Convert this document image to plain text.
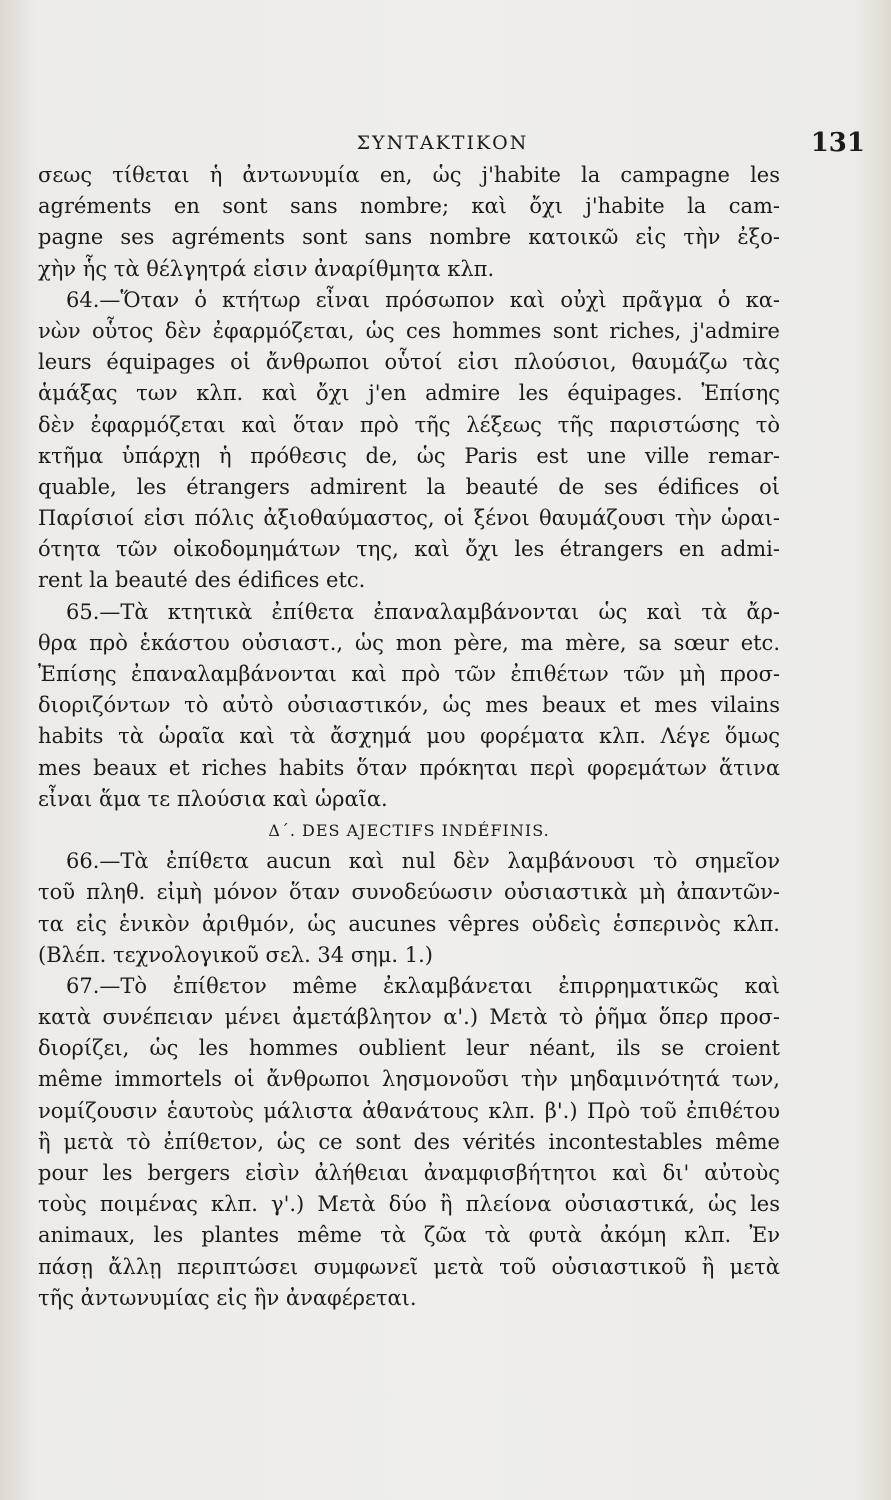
ΣΥΝΤΑΚΤΙΚΟΝ	131
σεως τίθεται ἡ ἀντωνυμία en, ὡς j'habite la campagne les
agréments en sont sans nombre; καὶ ὄχι j'habite la cam-
pagne ses agréments sont sans nombre κατοικῶ εἰς τὴν ἐξο-
χὴν ἧς τὰ θέλγητρά εἰσιν ἀναρίθμητα κλπ.
64.—Ὅταν ὁ κτήτωρ εἶναι πρόσωπον καὶ οὐχὶ πρᾶγμα ὁ κα-
νὼν οὗτος δὲν ἐφαρμόζεται, ὡς ces hommes sont riches, j'admire
leurs équipages οἱ ἄνθρωποι οὗτοί εἰσι πλούσιοι, θαυμάζω τὰς
ἁμάξας των κλπ. καὶ ὄχι j'en admire les équipages. Ἐπίσης
δὲν ἐφαρμόζεται καὶ ὅταν πρὸ τῆς λέξεως τῆς παριστώσης τὸ
κτῆμα ὑπάρχῃ ἡ πρόθεσις de, ὡς Paris est une ville remar-
quable, les étrangers admirent la beauté de ses édifices οἱ
Παρίσιοί εἰσι πόλις ἀξιοθαύμαστος, οἱ ξένοι θαυμάζουσι τὴν ὡραι-
ότητα τῶν οἰκοδομημάτων της, καὶ ὄχι les étrangers en admi-
rent la beauté des édifices etc.
65.—Τὰ κτητικὰ ἐπίθετα ἐπαναλαμβάνονται ὡς καὶ τὰ ἄρ-
θρα πρὸ ἑκάστου οὐσιαστ., ὡς mon père, ma mère, sa sœur etc.
Ἐπίσης ἐπαναλαμβάνονται καὶ πρὸ τῶν ἐπιθέτων τῶν μὴ προσ-
διοριζόντων τὸ αὐτὸ οὐσιαστικόν, ὡς mes beaux et mes vilains
habits τὰ ὡραῖα καὶ τὰ ἄσχημά μου φορέματα κλπ. Λέγε ὅμως
mes beaux et riches habits ὅταν πρόκηται περὶ φορεμάτων ἅτινα
εἶναι ἅμα τε πλούσια καὶ ὡραῖα.
Δ΄. DES AJECTIFS INDÉFINIS.
66.—Τὰ ἐπίθετα aucun καὶ nul δὲν λαμβάνουσι τὸ σημεῖον
τοῦ πληθ. εἰμὴ μόνον ὅταν συνοδεύωσιν οὐσιαστικὰ μὴ ἀπαντῶν-
τα εἰς ἑνικὸν ἀριθμόν, ὡς aucunes vêpres οὐδεὶς ἑσπερινὸς κλπ.
(Βλέπ. τεχνολογικοῦ σελ. 34 σημ. 1.)
67.—Τὸ ἐπίθετον même ἐκλαμβάνεται ἐπιρρηματικῶς καὶ
κατὰ συνέπειαν μένει ἀμετάβλητον α'.) Μετὰ τὸ ῥῆμα ὅπερ προσ-
διορίζει, ὡς les hommes oublient leur néant, ils se croient
même immortels οἱ ἄνθρωποι λησμονοῦσι τὴν μηδαμινότητά των,
νομίζουσιν ἑαυτοὺς μάλιστα ἀθανάτους κλπ. β'.) Πρὸ τοῦ ἐπιθέτου
ἢ μετὰ τὸ ἐπίθετον, ὡς ce sont des vérités incontestables même
pour les bergers εἰσὶν ἀλήθειαι ἀναμφισβήτητοι καὶ δι' αὐτοὺς
τοὺς ποιμένας κλπ. γ'.) Μετὰ δύο ἢ πλείονα οὐσιαστικά, ὡς les
animaux, les plantes même τὰ ζῶα τὰ φυτὰ ἀκόμη κλπ. Ἐν
πάσῃ ἄλλῃ περιπτώσει συμφωνεῖ μετὰ τοῦ οὐσιαστικοῦ ἢ μετὰ
τῆς ἀντωνυμίας εἰς ἣν ἀναφέρεται.
